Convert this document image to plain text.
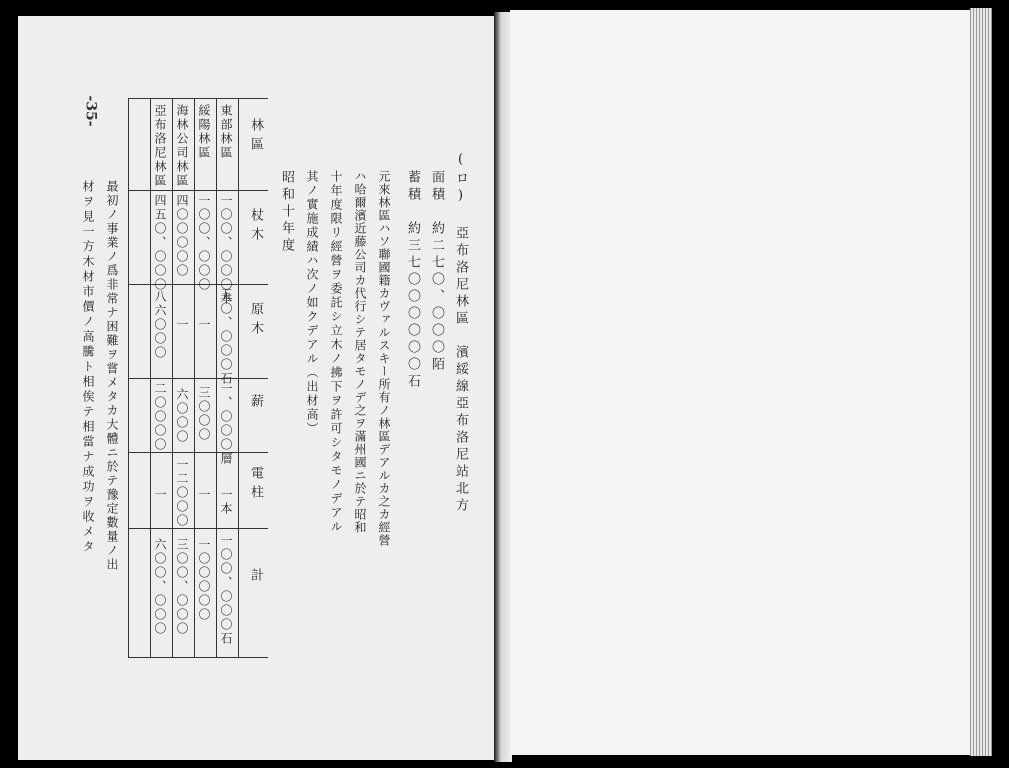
-35-
(ロ) 亞布洛尼林區　濱綏線亞布洛尼站北方
面積　約二七〇、〇〇〇陌
蓄積　約三七〇〇〇〇〇〇石
元來林區ハソ聯國籍カヴァルスキー所有ノ林區デアルカ之カ經營
ハ哈爾濱近藤公司カ代行シテ居タモノデ之ヲ滿州國ニ於テ昭和
十年度限リ經營ヲ委託シ立木ノ拂下ヲ許可シタモノデアル
其ノ實施成績ハ次ノ如クデアル（出材高）
昭和十年度
林區
杖木
原木
薪
電柱
計
東部林區
一〇〇、〇〇〇本
五〇、〇〇〇石
一、〇〇〇層
一本
一〇〇、〇〇〇石
綏陽林區
一〇〇、〇〇〇
一
三〇〇〇
一
一〇〇〇〇〇
海林公司林區
四〇〇〇〇〇
一
六〇〇〇
一二〇〇〇
三〇〇、〇〇〇
亞布洛尼林區
四五〇、〇〇〇
八六〇〇〇
二〇〇〇〇
一
六〇〇、〇〇〇
最初ノ事業ノ爲非常ナ困難ヲ嘗メタカ大體ニ於テ豫定數量ノ出
材ヲ見一方木材市價ノ高騰ト相俟テ相當ナ成功ヲ收メタ
